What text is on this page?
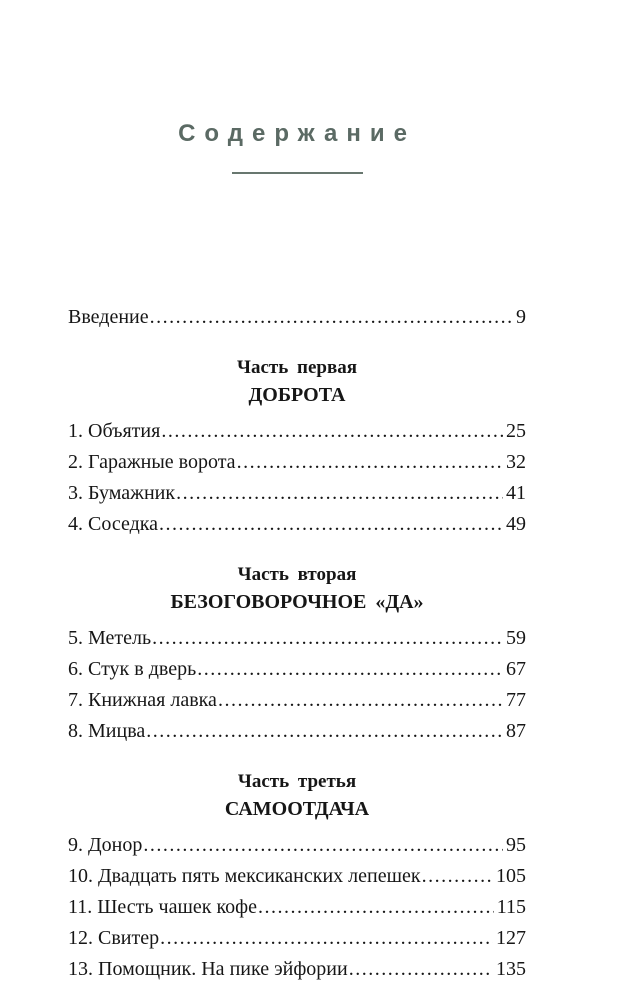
Содержание
Введение .....	9
Часть первая
ДОБРОТА
1. Объятия .....	25
2. Гаражные ворота .....	32
3. Бумажник .....	41
4. Соседка .....	49
Часть вторая
БЕЗОГОВОРОЧНОЕ «ДА»
5. Метель .....	59
6. Стук в дверь .....	67
7. Книжная лавка .....	77
8. Мицва .....	87
Часть третья
САМООТДАЧА
9. Донор .....	95
10. Двадцать пять мексиканских лепешек .....	105
11. Шесть чашек кофе .....	115
12. Свитер .....	127
13. Помощник. На пике эйфории .....	135
